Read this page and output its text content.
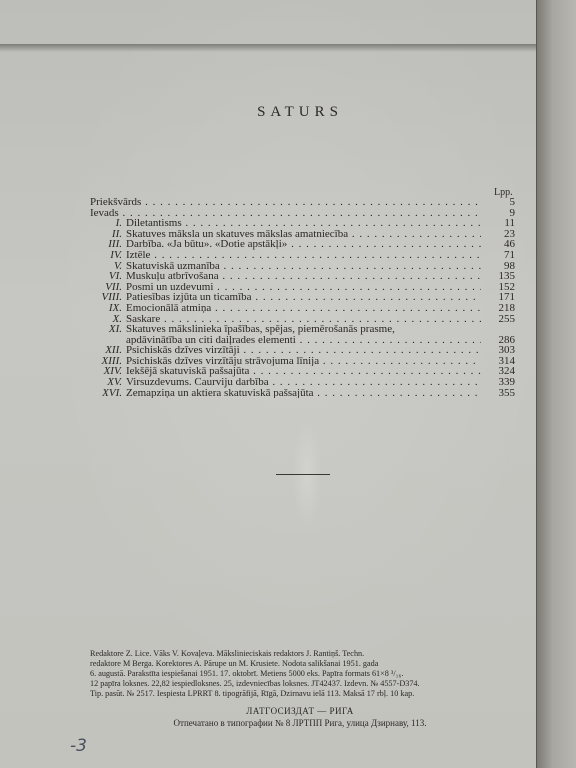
SATURS
Lpp.
Priekšvārds . . .	5
Ievads . . .	9
I. Diletantisms . . .	11
II. Skatuves māksla un skatuves mākslas amatniecība . . .	23
III. Darbība. «Ja būtu». «Dotie apstākļi» . . .	46
IV. Iztēle . . .	71
V. Skatuviskā uzmanība . . .	98
VI. Muskuļu atbrīvošana . . .	135
VII. Posmi un uzdevumi . . .	152
VIII. Patiesības izjūta un ticamība . . .	171
IX. Emocionālā atmiņa . . .	218
X. Saskare . . .	255
XI. Skatuves mākslinieka īpašības, spējas, piemērošanās prasme,
apdāvinātība un citi daiļrades elementi . . .	286
XII. Psichiskās dzīves virzītāji . . .	303
XIII. Psichiskās dzīves virzītāju strāvojuma līnija . . .	314
XIV. Iekšējā skatuviskā pašsajūta . . .	324
XV. Virsuzdevums. Caurviju darbība . . .	339
XVI. Zemapziņa un aktiera skatuviskā pašsajūta . . .	355
Redaktore Z. Lice. Vāks V. Kovaļeva. Mākslinieciskais redaktors J. Rantiņš. Techn.
redaktore M Berga. Korektores A. Pārupe un M. Krusiete. Nodota salikšanai 1951. gada
6. augustā. Parakstīta iespiešanai 1951. 17. oktobrī. Metiens 5000 eks. Papīra formats 61×8 ³/₁₆.
12 papīra loksnes. 22,82 iespiedloksnes. 25, izdevniecības loksnes. JT42437. Izdevn. № 4557-D374.
Tip. pasūt. № 2517. Iespiesta LPRRT 8. tipogrāfijā, Rīgā, Dzirnavu ielā 113. Maksā 17 rbļ. 10 kap.
ЛАТГОСИЗДАТ — РИГА
Отпечатано в типографии № 8 ЛРТПП Рига, улица Дзирнаву, 113.
-3
